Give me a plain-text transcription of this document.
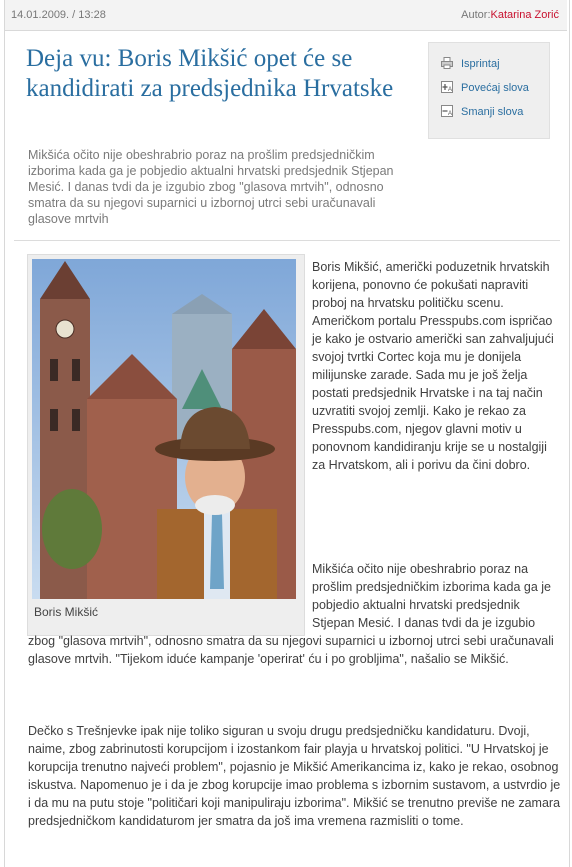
14.01.2009. / 13:28	Autor:Katarina Zorić
Deja vu: Boris Mikšić opet će se kandidirati za predsjednika Hrvatske

Mikšića očito nije obeshrabrio poraz na prošlim predsjedničkim izborima kada ga je pobjedio aktualni hrvatski predsjednik Stjepan Mesić. I danas tvdi da je izgubio zbog "glasova mrtvih", odnosno smatra da su njegovi suparnici u izbornoj utrci sebi uračunavali glasove mrtvih

Isprintaj
A Povećaj slova
A Smanji slova
Boris Mikšić

Boris Mikšić, američki poduzetnik hrvatskih korijena, ponovno će pokušati napraviti proboj na hrvatsku političku scenu. Američkom portalu Presspubs.com ispričao je kako je ostvario američki san zahvaljujući svojoj tvrtki Cortec koja mu je donijela milijunske zarade. Sada mu je još želja postati predsjednik Hrvatske i na taj način uzvratiti svojoj zemlji. Kako je rekao za Presspubs.com, njegov glavni motiv u ponovnom kandidiranju krije se u nostalgiji za Hrvatskom, ali i porivu da čini dobro.

Mikšića očito nije obeshrabrio poraz na prošlim predsjedničkim izborima kada ga je pobjedio aktualni hrvatski predsjednik Stjepan Mesić. I danas tvdi da je izgubio

zbog "glasova mrtvih", odnosno smatra da su njegovi suparnici u izbornoj utrci sebi uračunavali glasove mrtvih. "Tijekom iduće kampanje 'operirat' ću i po grobljima", našalio se Mikšić.

Dečko s Trešnjevke ipak nije toliko siguran u svoju drugu predsjedničku kandidaturu. Dvoji, naime, zbog zabrinutosti korupcijom i izostankom fair playja u hrvatskoj politici. "U Hrvatskoj je korupcija trenutno najveći problem", pojasnio je Mikšić Amerikancima iz, kako je rekao, osobnog iskustva. Napomenuo je i da je zbog korupcije imao problema s izbornim sustavom, a ustvrdio je i da mu na putu stoje "političari koji manipuliraju izborima". Mikšić se trenutno previše ne zamara predsjedničkom kandidaturom jer smatra da još ima vremena razmisliti o tome.
